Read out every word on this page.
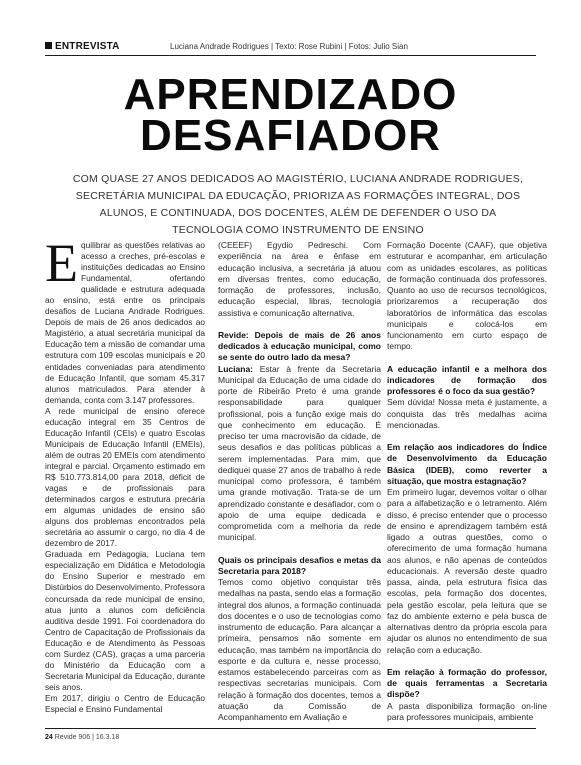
ENTREVISTA	Luciana Andrade Rodrigues | Texto: Rose Rubini | Fotos: Julio Sian
APRENDIZADO
DESAFIADOR
COM QUASE 27 ANOS DEDICADOS AO MAGISTÉRIO, LUCIANA ANDRADE RODRIGUES, SECRETÁRIA MUNICIPAL DA EDUCAÇÃO, PRIORIZA AS FORMAÇÕES INTEGRAL, DOS ALUNOS, E CONTINUADA, DOS DOCENTES, ALÉM DE DEFENDER O USO DA TECNOLOGIA COMO INSTRUMENTO DE ENSINO

Equilibrar as questões relativas ao acesso a creches, pré-escolas e instituições dedicadas ao Ensino Fundamental, ofertando qualidade e estrutura adequada ao ensino, está entre os principais desafios de Luciana Andrade Rodrigues. Depois de mais de 26 anos dedicados ao Magistério, a atual secretária municipal da Educação tem a missão de comandar uma estrutura com 109 escolas municipais e 20 entidades conveniadas para atendimento de Educação Infantil, que somam 45.317 alunos matriculados. Para atender à demanda, conta com 3.147 professores.

A rede municipal de ensino oferece educação integral em 35 Centros de Educação Infantil (CEIs) e quatro Escolas Municipais de Educação Infantil (EMEIs), além de outras 20 EMEIs com atendimento integral e parcial. Orçamento estimado em R$ 510.773.814,00 para 2018, déficit de vagas e de profissionais para determinados cargos e estrutura precária em algumas unidades de ensino são alguns dos problemas encontrados pela secretária ao assumir o cargo, no dia 4 de dezembro de 2017.

Graduada em Pedagogia, Luciana tem especialização em Didática e Metodologia do Ensino Superior e mestrado em Distúrbios do Desenvolvimento. Professora concursada da rede municipal de ensino, atua junto a alunos com deficiência auditiva desde 1991. Foi coordenadora do Centro de Capacitação de Profissionais da Educação e de Atendimento às Pessoas com Surdez (CAS), graças a uma parceria do Ministério da Educação com a Secretaria Municipal da Educação, durante seis anos.

Em 2017, dirigiu o Centro de Educação Especial e Ensino Fundamental

(CEEEF) Egydio Pedreschi. Com experiência na área e ênfase em educação inclusiva, a secretária já atuou em diversas frentes, como educação, formação de professores, inclusão, educação especial, libras, tecnologia assistiva e comunicação alternativa.

Revide: Depois de mais de 26 anos dedicados à educação municipal, como se sente do outro lado da mesa?

Luciana: Estar à frente da Secretaria Municipal da Educação de uma cidade do porte de Ribeirão Preto é uma grande responsabilidade para qualquer profissional, pois a função exige mais do que conhecimento em educação. É preciso ter uma macrovisão da cidade, de seus desafios e das políticas públicas a serem implementadas. Para mim, que dediquei quase 27 anos de trabalho à rede municipal como professora, é também uma grande motivação. Trata-se de um aprendizado constante e desafiador, com o apoio de uma equipe dedicada e comprometida com a melhoria da rede municipal.

Quais os principais desafios e metas da Secretaria para 2018?

Temos como objetivo conquistar três medalhas na pasta, sendo elas a formação integral dos alunos, a formação continuada dos docentes e o uso de tecnologias como instrumento de educação. Para alcançar a primeira, pensamos não somente em educação, mas também na importância do esporte e da cultura e, nesse processo, estamos estabelecendo parceiras com as respectivas secretarias municipais. Com relação à formação dos docentes, temos a atuação da Comissão de Acompanhamento em Avaliação e

Formação Docente (CAAF), que objetiva estruturar e acompanhar, em articulação com as unidades escolares, as políticas de formação continuada dos professores. Quanto ao uso de recursos tecnológicos, priorizaremos a recuperação dos laboratórios de informática das escolas municipais e colocá-los em funcionamento em curto espaço de tempo.

A educação infantil e a melhora dos indicadores de formação dos professores é o foco da sua gestão?

Sem dúvida! Nossa meta é justamente, a conquista das três medalhas acima mencionadas.

Em relação aos indicadores do Índice de Desenvolvimento da Educação Básica (IDEB), como reverter a situação, que mostra estagnação?

Em primeiro lugar, devemos voltar o olhar para a alfabetização e o letramento. Além disso, é preciso entender que o processo de ensino e aprendizagem também está ligado a outras questões, como o oferecimento de uma formação humana aos alunos, e não apenas de conteúdos educacionais. A reversão deste quadro passa, ainda, pela estrutura física das escolas, pela formação dos docentes, pela gestão escolar, pela leitura que se faz do ambiente externo e pela busca de alternativas dentro da própria escola para ajudar os alunos no entendimento de sua relação com a educação.

Em relação à formação do professor, de quais ferramentas a Secretaria dispõe?

A pasta disponibiliza formação on-line para professores municipais, ambiente

24 Revide 906 | 16.3.18
